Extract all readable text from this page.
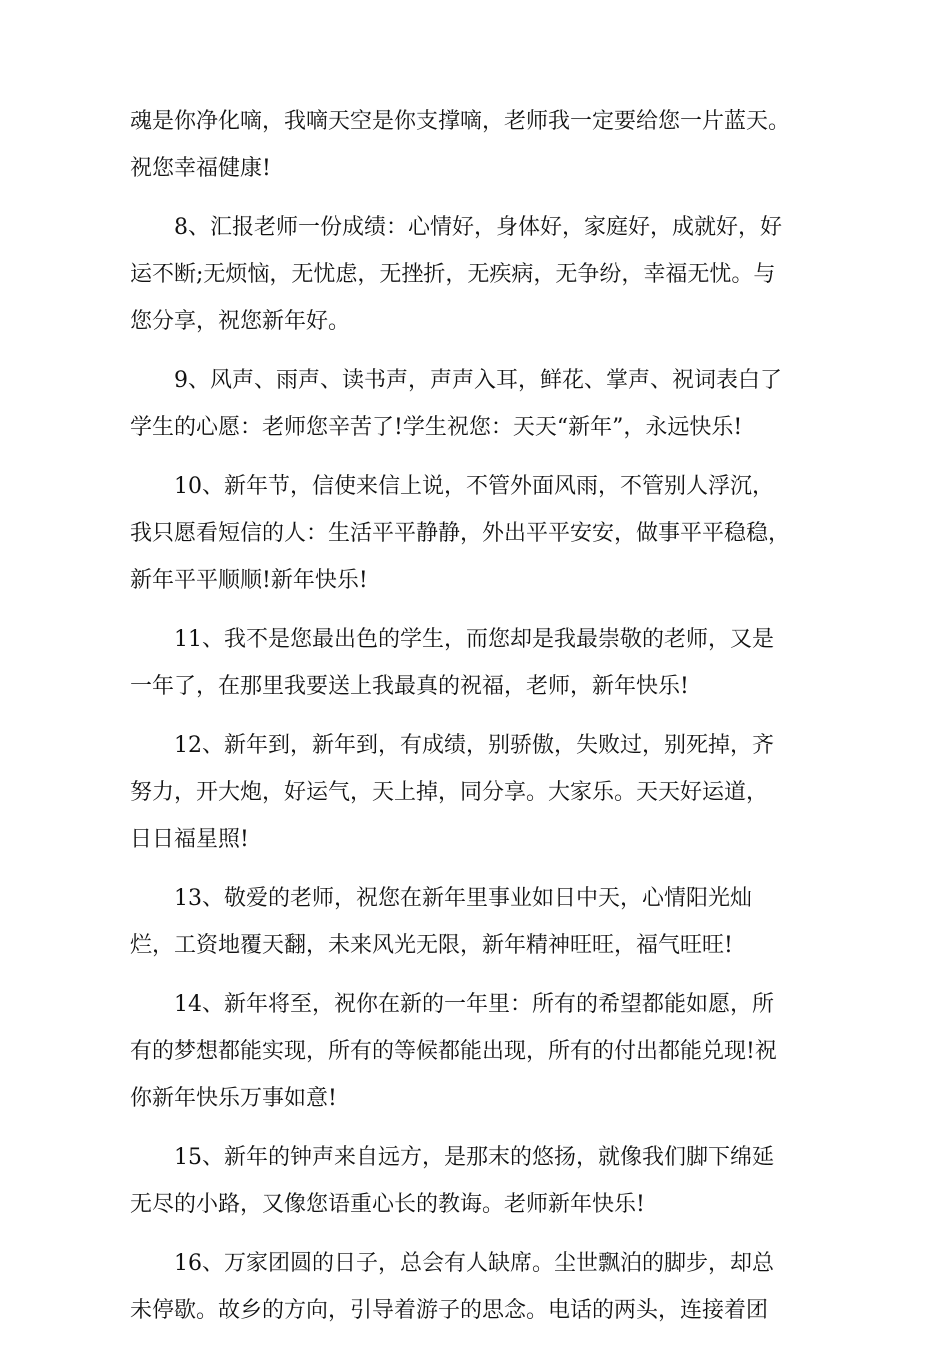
魂是你净化嘀，我嘀天空是你支撑嘀，老师我一定要给您一片蓝天。
祝您幸福健康!

8、汇报老师一份成绩：心情好，身体好，家庭好，成就好，好
运不断;无烦恼，无忧虑，无挫折，无疾病，无争纷，幸福无忧。与
您分享，祝您新年好。

9、风声、雨声、读书声，声声入耳，鲜花、掌声、祝词表白了
学生的心愿：老师您辛苦了!学生祝您：天天“新年”，永远快乐!

10、新年节，信使来信上说，不管外面风雨，不管别人浮沉，
我只愿看短信的人：生活平平静静，外出平平安安，做事平平稳稳，
新年平平顺顺!新年快乐!

11、我不是您最出色的学生，而您却是我最崇敬的老师，又是
一年了，在那里我要送上我最真的祝福，老师，新年快乐!

12、新年到，新年到，有成绩，别骄傲，失败过，别死掉，齐
努力，开大炮，好运气，天上掉，同分享。大家乐。天天好运道，
日日福星照!

13、敬爱的老师，祝您在新年里事业如日中天，心情阳光灿
烂，工资地覆天翻，未来风光无限，新年精神旺旺，福气旺旺!

14、新年将至，祝你在新的一年里：所有的希望都能如愿，所
有的梦想都能实现，所有的等候都能出现，所有的付出都能兑现!祝
你新年快乐万事如意!

15、新年的钟声来自远方，是那末的悠扬，就像我们脚下绵延
无尽的小路，又像您语重心长的教诲。老师新年快乐!

16、万家团圆的日子，总会有人缺席。尘世飘泊的脚步，却总
未停歇。故乡的方向，引导着游子的思念。电话的两头，连接着团
